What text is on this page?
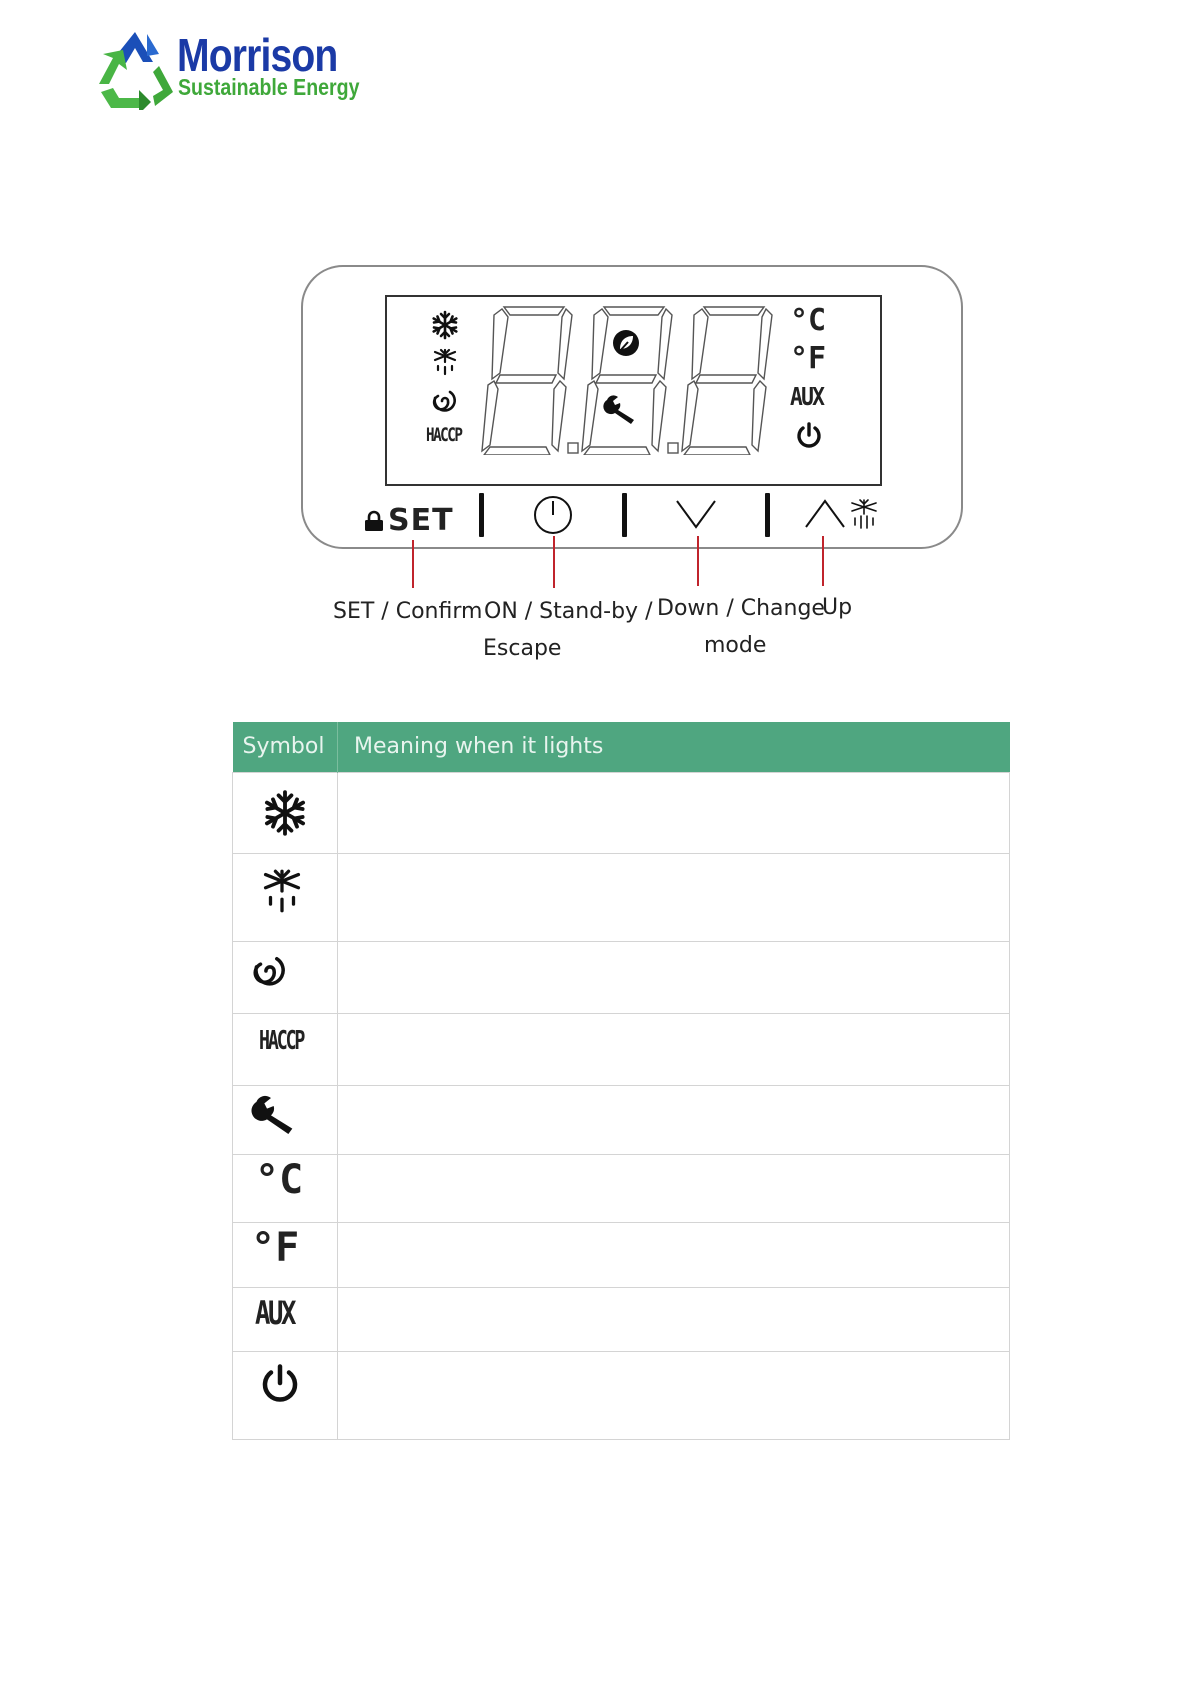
Morrison
Sustainable Energy
HACCP
°C
°F
AUX
SET
SET / Confirm ON / Stand-by /
Escape
Down / Change
mode
Up
Symbol	Meaning when it lights

HACCP	

°C	

°F	

AUX	
